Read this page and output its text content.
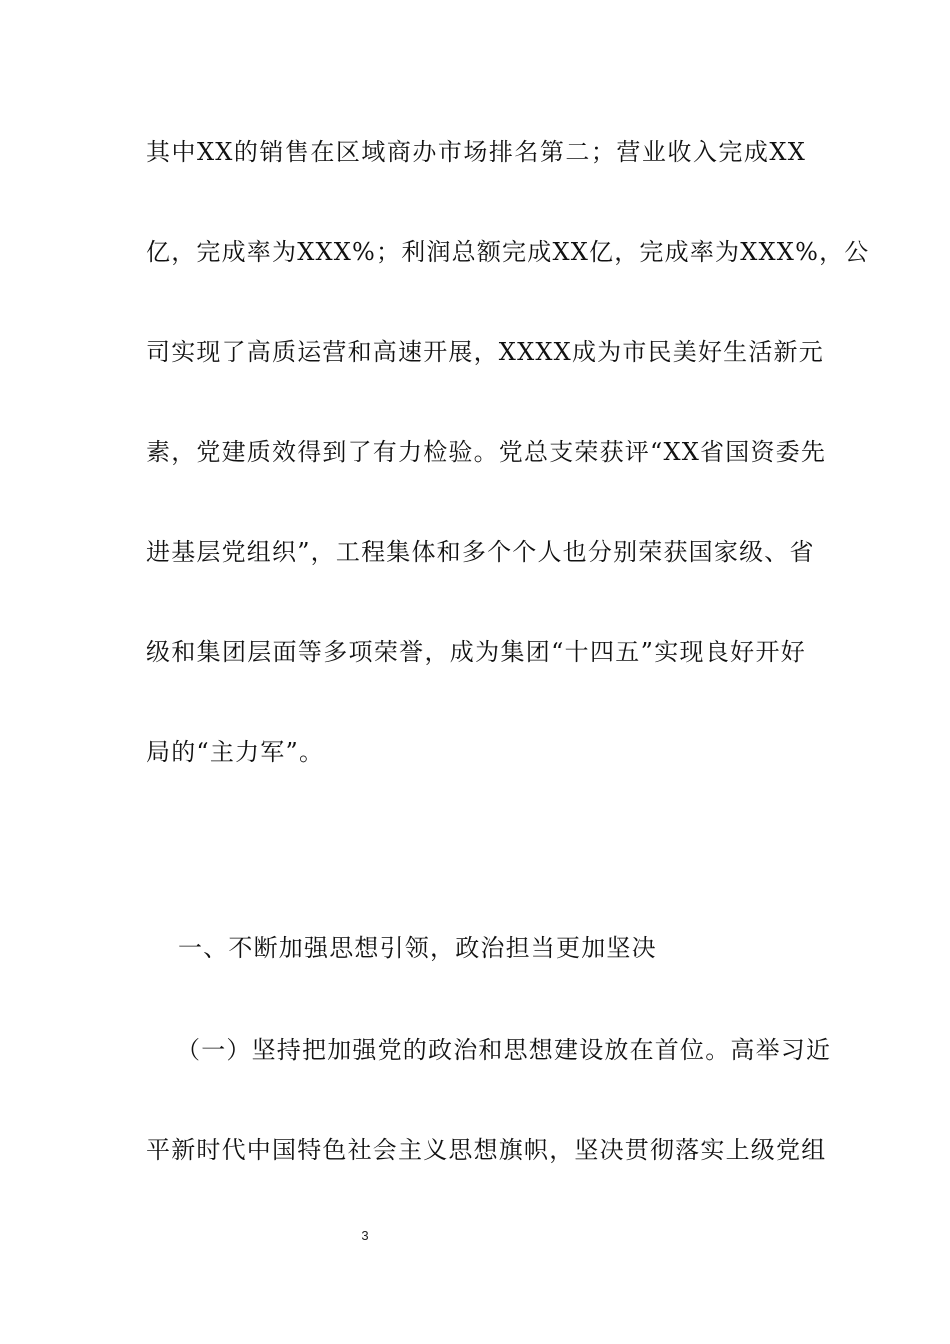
其中XX的销售在区域商办市场排名第二；营业收入完成XX
亿，完成率为XXX%；利润总额完成XX亿，完成率为XXX%，公
司实现了高质运营和高速开展，XXXX成为市民美好生活新元
素，党建质效得到了有力检验。党总支荣获评“XX省国资委先
进基层党组织”，工程集体和多个个人也分别荣获国家级、省
级和集团层面等多项荣誉，成为集团“十四五”实现良好开好
局的“主力军”。
一、不断加强思想引领，政治担当更加坚决
（一）坚持把加强党的政治和思想建设放在首位。高举习近
平新时代中国特色社会主义思想旗帜，坚决贯彻落实上级党组
3
